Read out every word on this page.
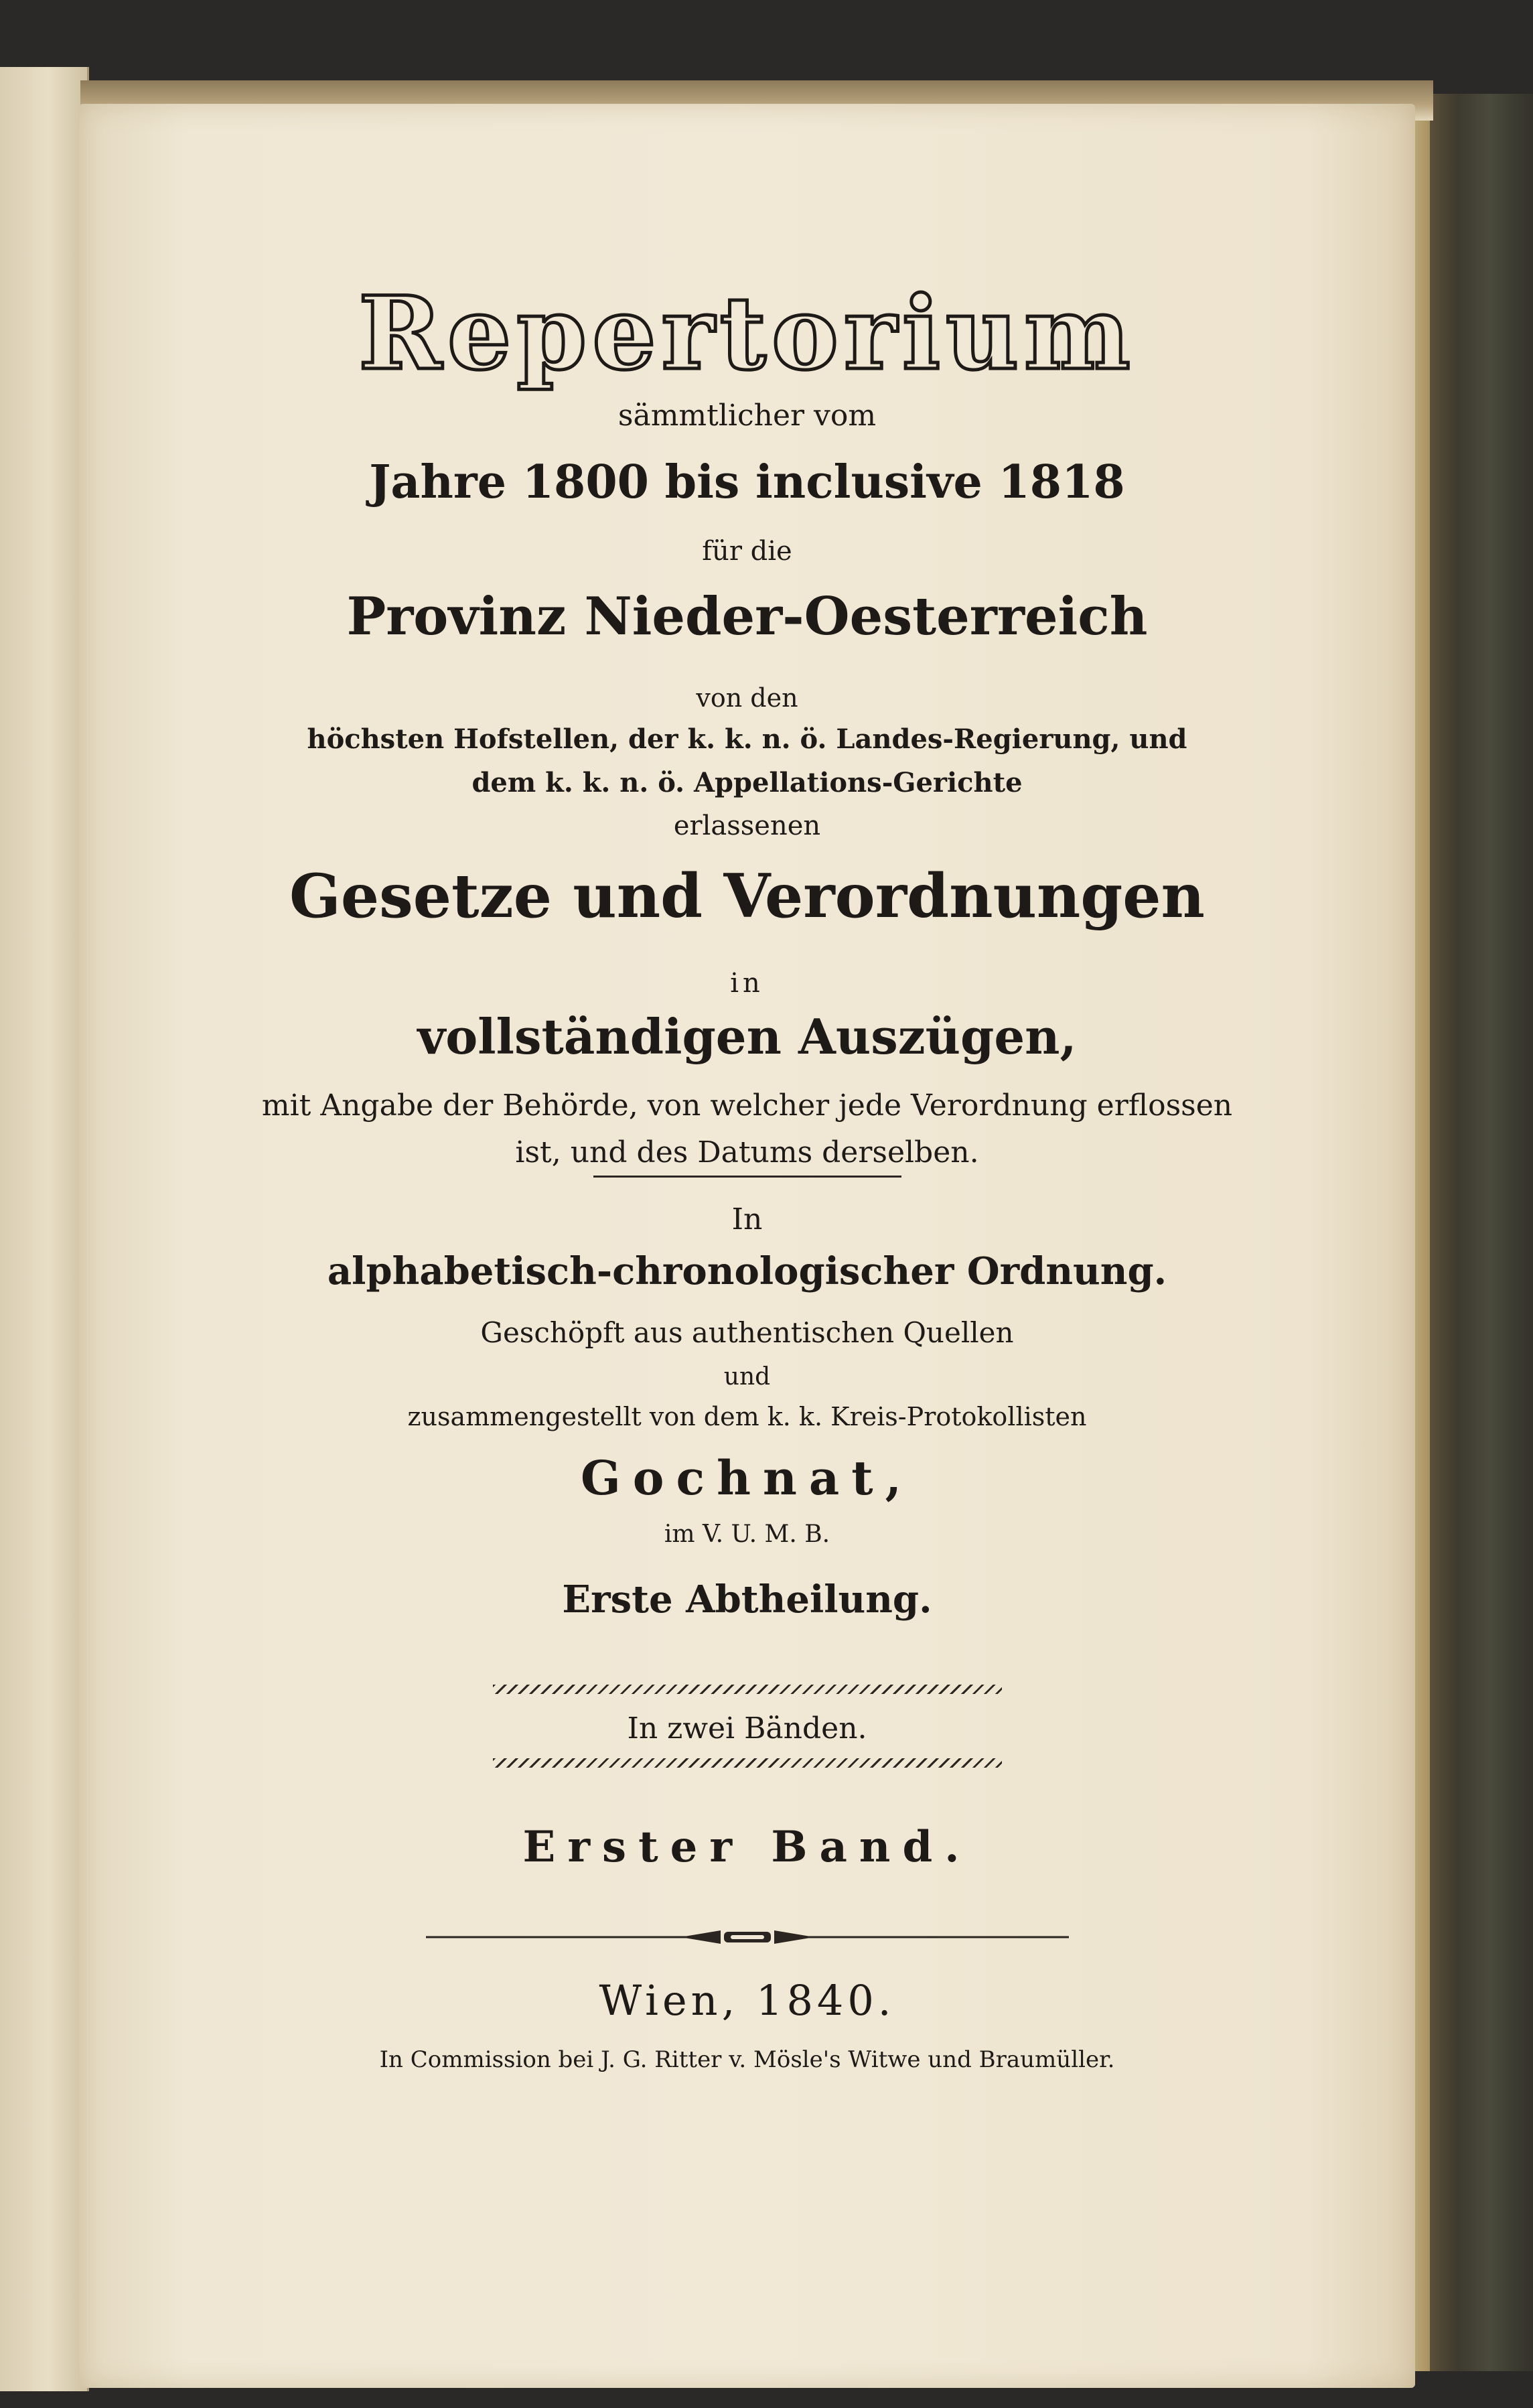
Repertorium
sämmtlicher vom
Jahre 1800 bis inclusive 1818
für die
Provinz Nieder-Oesterreich
von den
höchsten Hofstellen, der k. k. n. ö. Landes-Regierung, und
dem k. k. n. ö. Appellations-Gerichte
erlassenen
Gesetze und Verordnungen
in
vollständigen Auszügen,
mit Angabe der Behörde, von welcher jede Verordnung erflossen
ist, und des Datums derselben.
In
alphabetisch-chronologischer Ordnung.
Geschöpft aus authentischen Quellen
und
zusammengestellt von dem k. k. Kreis-Protokollisten
Gochnat,
im V. U. M. B.
Erste Abtheilung.
In zwei Bänden.
Erster Band.
Wien, 1840.
In Commission bei J. G. Ritter v. Mösle's Witwe und Braumüller.
